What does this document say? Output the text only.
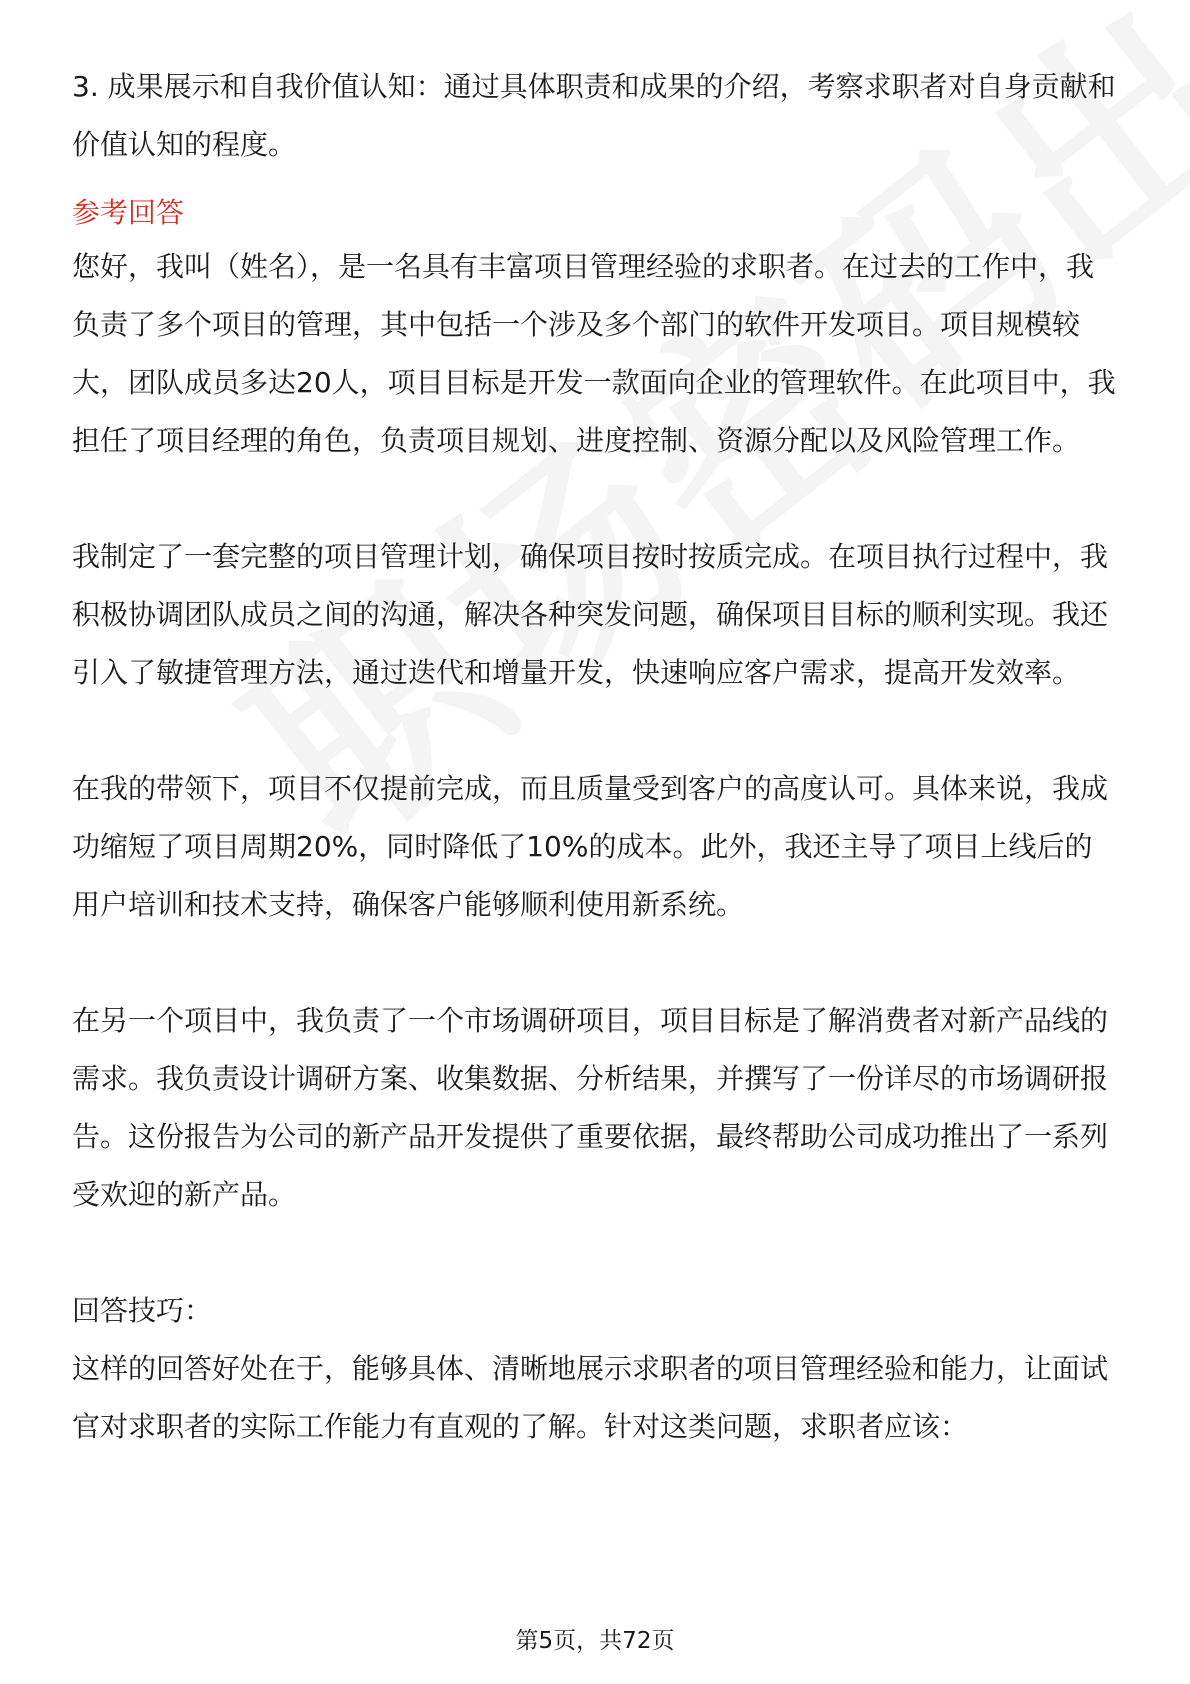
3. 成果展示和自我价值认知：通过具体职责和成果的介绍，考察求职者对自身贡献和价值认知的程度。

参考回答

您好，我叫（姓名），是一名具有丰富项目管理经验的求职者。在过去的工作中，我负责了多个项目的管理，其中包括一个涉及多个部门的软件开发项目。项目规模较大，团队成员多达20人，项目目标是开发一款面向企业的管理软件。在此项目中，我担任了项目经理的角色，负责项目规划、进度控制、资源分配以及风险管理工作。

我制定了一套完整的项目管理计划，确保项目按时按质完成。在项目执行过程中，我积极协调团队成员之间的沟通，解决各种突发问题，确保项目目标的顺利实现。我还引入了敏捷管理方法，通过迭代和增量开发，快速响应客户需求，提高开发效率。

在我的带领下，项目不仅提前完成，而且质量受到客户的高度认可。具体来说，我成功缩短了项目周期20%，同时降低了10%的成本。此外，我还主导了项目上线后的用户培训和技术支持，确保客户能够顺利使用新系统。

在另一个项目中，我负责了一个市场调研项目，项目目标是了解消费者对新产品线的需求。我负责设计调研方案、收集数据、分析结果，并撰写了一份详尽的市场调研报告。这份报告为公司的新产品开发提供了重要依据，最终帮助公司成功推出了一系列受欢迎的新产品。

回答技巧：

这样的回答好处在于，能够具体、清晰地展示求职者的项目管理经验和能力，让面试官对求职者的实际工作能力有直观的了解。针对这类问题，求职者应该：

第5页，共72页
